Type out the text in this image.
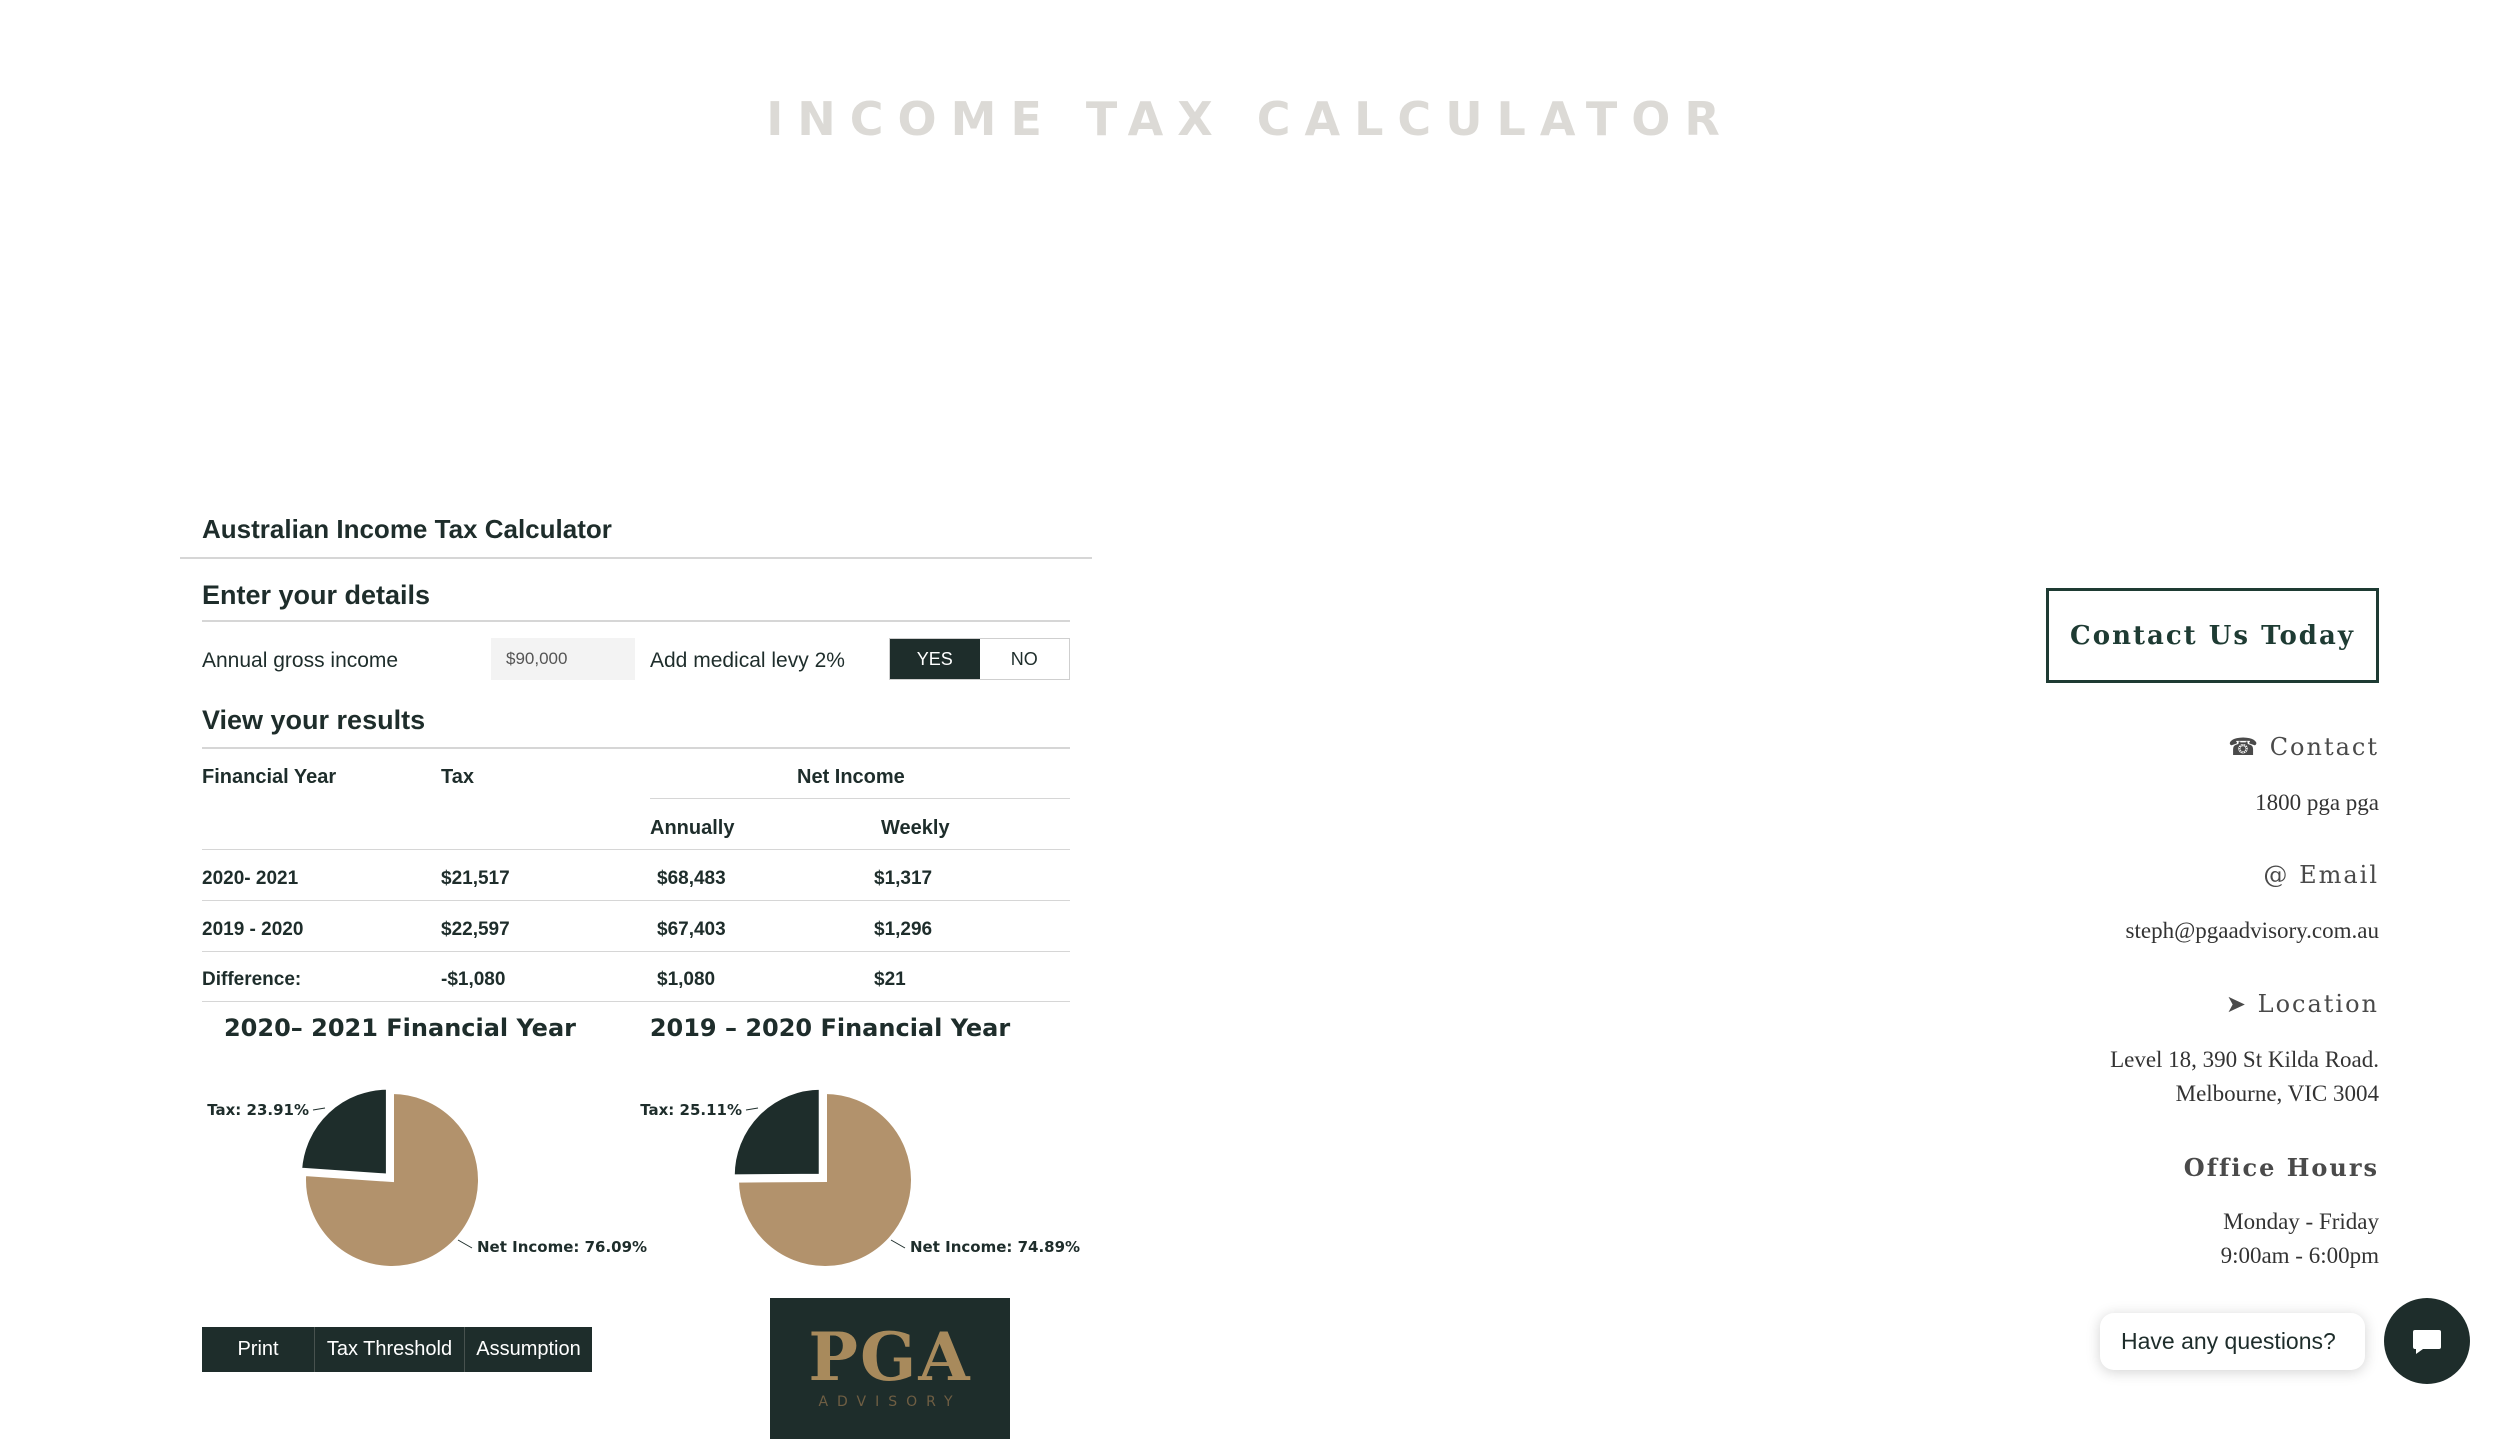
INCOME TAX CALCULATOR
Australian Income Tax Calculator
Enter your details
Annual gross income
$90,000	Add medical levy 2%	YES	NO
View your results
Financial Year	Tax	Net Income
Annually	Weekly
2020- 2021	$21,517	$68,483	$1,317
2019 - 2020	$22,597	$67,403	$1,296
Difference:	-$1,080	$1,080	$21
2020– 2021 Financial Year	2019 – 2020 Financial Year
Tax: 23.91%
Net Income: 76.09%
Tax: 25.11%
Net Income: 74.89%
Print	Tax Threshold	Assumption	PGA
ADVISORY
Contact Us Today
☎ Contact
1800 pga pga
@ Email
steph@pgaadvisory.com.au
➤ Location
Level 18, 390 St Kilda Road.
Melbourne, VIC 3004
Office Hours
Monday - Friday
9:00am - 6:00pm
Have any questions?
